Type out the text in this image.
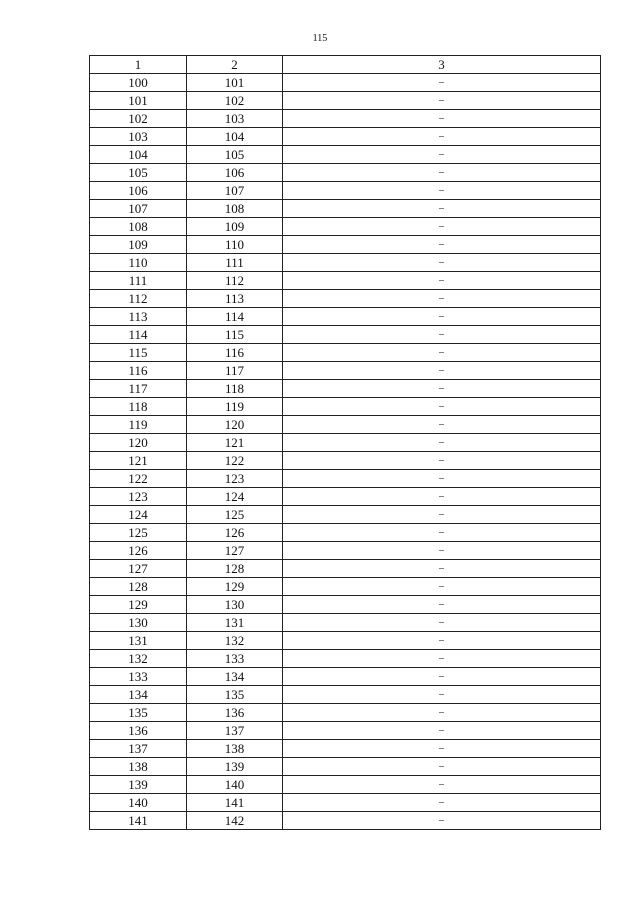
115
1	2	3
100	101	–
101	102	–
102	103	–
103	104	–
104	105	–
105	106	–
106	107	–
107	108	–
108	109	–
109	110	–
110	111	–
111	112	–
112	113	–
113	114	–
114	115	–
115	116	–
116	117	–
117	118	–
118	119	–
119	120	–
120	121	–
121	122	–
122	123	–
123	124	–
124	125	–
125	126	–
126	127	–
127	128	–
128	129	–
129	130	–
130	131	–
131	132	–
132	133	–
133	134	–
134	135	–
135	136	–
136	137	–
137	138	–
138	139	–
139	140	–
140	141	–
141	142	–
